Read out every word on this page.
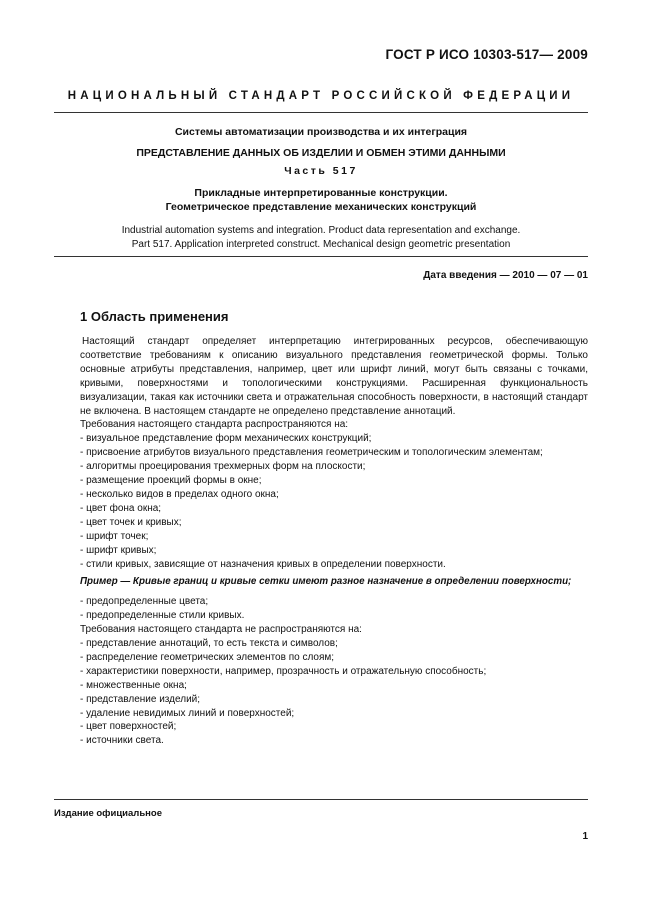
ГОСТ Р ИСО 10303-517— 2009
НАЦИОНАЛЬНЫЙ СТАНДАРТ РОССИЙСКОЙ ФЕДЕРАЦИИ
Системы автоматизации производства и их интеграция
ПРЕДСТАВЛЕНИЕ ДАННЫХ ОБ ИЗДЕЛИИ И ОБМЕН ЭТИМИ ДАННЫМИ
Часть 517
Прикладные интерпретированные конструкции.
Геометрическое представление механических конструкций
Industrial automation systems and integration. Product data representation and exchange.
Part 517. Application interpreted construct. Mechanical design geometric presentation
Дата введения — 2010 — 07 — 01
1 Область применения

Настоящий стандарт определяет интерпретацию интегрированных ресурсов, обеспечивающую соответствие требованиям к описанию визуального представления геометрической формы. Только основные атрибуты представления, например, цвет или шрифт линий, могут быть связаны с точками, кривыми, поверхностями и топологическими конструкциями. Расширенная функциональность визуализации, такая как источники света и отражательная способность поверхности, в настоящий стандарт не включена. В настоящем стандарте не определено представление аннотаций.

Требования настоящего стандарта распространяются на:

- визуальное представление форм механических конструкций;

- присвоение атрибутов визуального представления геометрическим и топологическим элементам;

- алгоритмы проецирования трехмерных форм на плоскости;

- размещение проекций формы в окне;

- несколько видов в пределах одного окна;

- цвет фона окна;

- цвет точек и кривых;

- шрифт точек;

- шрифт кривых;

- стили кривых, зависящие от назначения кривых в определении поверхности.

Пример — Кривые границ и кривые сетки имеют разное назначение в определении поверхности;

- предопределенные цвета;

- предопределенные стили кривых.

Требования настоящего стандарта не распространяются на:

- представление аннотаций, то есть текста и символов;

- распределение геометрических элементов по слоям;

- характеристики поверхности, например, прозрачность и отражательную способность;

- множественные окна;

- представление изделий;

- удаление невидимых линий и поверхностей;

- цвет поверхностей;

- источники света.

Издание официальное
1
